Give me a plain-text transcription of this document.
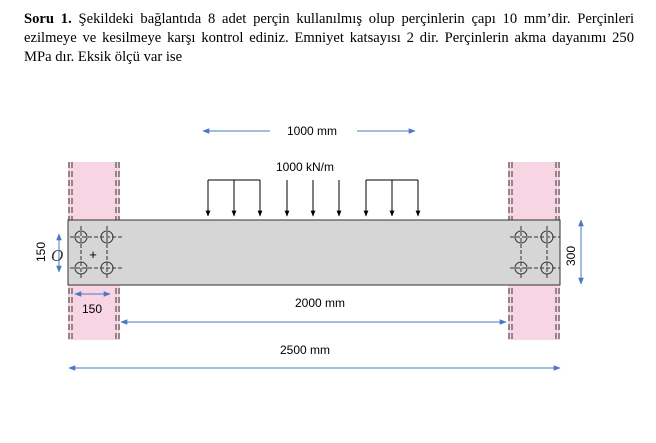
Soru 1. Şekildeki bağlantıda 8 adet perçin kullanılmış olup perçinlerin çapı 10 mm’dir. Perçinleri ezilmeye ve kesilmeye karşı kontrol ediniz. Emniyet katsayısı 2 dir. Perçinlerin akma dayanımı 250 MPa dır. Eksik ölçü var ise
1000 kN/m
1000 mm
150 O +	300
150	2000 mm
2500 mm
